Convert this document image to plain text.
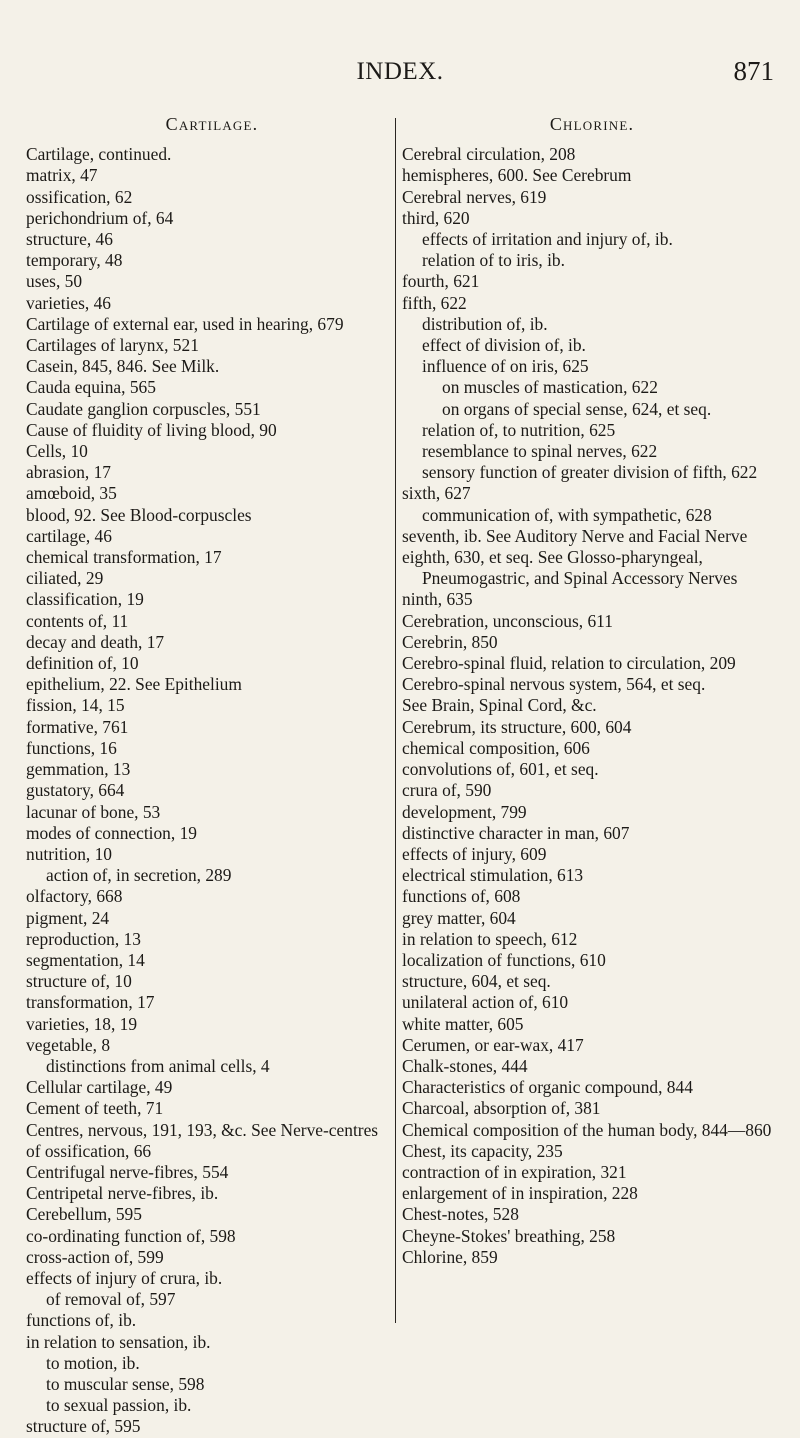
INDEX.	871
Cartilage.
Cartilage, continued.
matrix, 47
ossification, 62
perichondrium of, 64
structure, 46
temporary, 48
uses, 50
varieties, 46
Cartilage of external ear, used in hearing, 679
Cartilages of larynx, 521
Casein, 845, 846. See Milk.
Cauda equina, 565
Caudate ganglion corpuscles, 551
Cause of fluidity of living blood, 90
Cells, 10
abrasion, 17
amœboid, 35
blood, 92. See Blood-corpuscles
cartilage, 46
chemical transformation, 17
ciliated, 29
classification, 19
contents of, 11
decay and death, 17
definition of, 10
epithelium, 22. See Epithelium
fission, 14, 15
formative, 761
functions, 16
gemmation, 13
gustatory, 664
lacunar of bone, 53
modes of connection, 19
nutrition, 10
action of, in secretion, 289
olfactory, 668
pigment, 24
reproduction, 13
segmentation, 14
structure of, 10
transformation, 17
varieties, 18, 19
vegetable, 8
distinctions from animal cells, 4
Cellular cartilage, 49
Cement of teeth, 71
Centres, nervous, 191, 193, &c. See Nerve-centres
of ossification, 66
Centrifugal nerve-fibres, 554
Centripetal nerve-fibres, ib.
Cerebellum, 595
co-ordinating function of, 598
cross-action of, 599
effects of injury of crura, ib.
of removal of, 597
functions of, ib.
in relation to sensation, ib.
to motion, ib.
to muscular sense, 598
to sexual passion, ib.
structure of, 595
Chlorine.
Cerebral circulation, 208
hemispheres, 600. See Cerebrum
Cerebral nerves, 619
third, 620
effects of irritation and injury of, ib.
relation of to iris, ib.
fourth, 621
fifth, 622
distribution of, ib.
effect of division of, ib.
influence of on iris, 625
on muscles of mastication, 622
on organs of special sense, 624, et seq.
relation of, to nutrition, 625
resemblance to spinal nerves, 622
sensory function of greater division of fifth, 622
sixth, 627
communication of, with sympathetic, 628
seventh, ib. See Auditory Nerve and Facial Nerve
eighth, 630, et seq. See Glosso-pharyngeal, Pneumogastric, and Spinal Accessory Nerves
ninth, 635
Cerebration, unconscious, 611
Cerebrin, 850
Cerebro-spinal fluid, relation to circulation, 209
Cerebro-spinal nervous system, 564, et seq.
See Brain, Spinal Cord, &c.
Cerebrum, its structure, 600, 604
chemical composition, 606
convolutions of, 601, et seq.
crura of, 590
development, 799
distinctive character in man, 607
effects of injury, 609
electrical stimulation, 613
functions of, 608
grey matter, 604
in relation to speech, 612
localization of functions, 610
structure, 604, et seq.
unilateral action of, 610
white matter, 605
Cerumen, or ear-wax, 417
Chalk-stones, 444
Characteristics of organic compound, 844
Charcoal, absorption of, 381
Chemical composition of the human body, 844—860
Chest, its capacity, 235
contraction of in expiration, 321
enlargement of in inspiration, 228
Chest-notes, 528
Cheyne-Stokes' breathing, 258
Chlorine, 859
